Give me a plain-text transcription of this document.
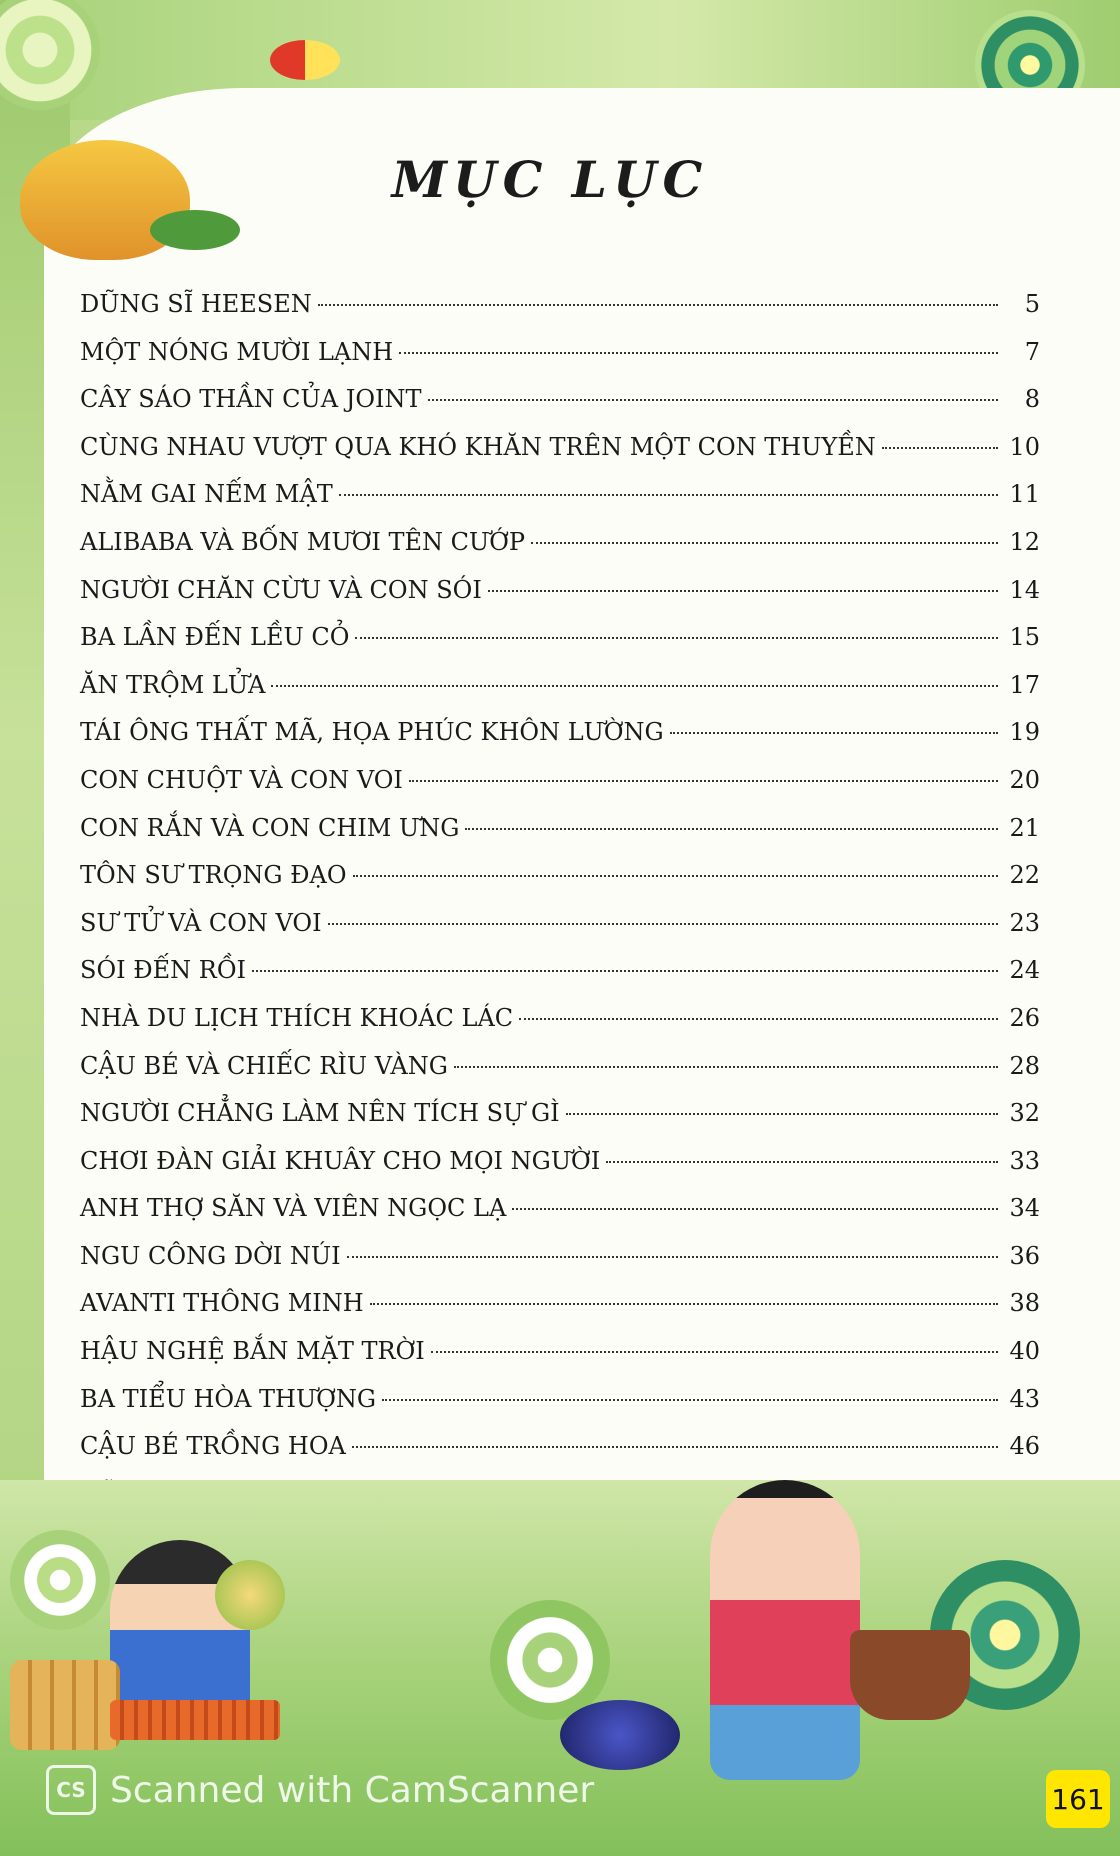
MỤC LỤC
DŨNG SĨ HEESEN	5
MỘT NÓNG MƯỜI LẠNH	7
CÂY SÁO THẦN CỦA JOINT	8
CÙNG NHAU VƯỢT QUA KHÓ KHĂN TRÊN MỘT CON THUYỀN	10
NẰM GAI NẾM MẬT	11
ALIBABA VÀ BỐN MƯƠI TÊN CƯỚP	12
NGƯỜI CHĂN CỪU VÀ CON SÓI	14
BA LẦN ĐẾN LỀU CỎ	15
ĂN TRỘM LỬA	17
TÁI ÔNG THẤT MÃ, HỌA PHÚC KHÔN LƯỜNG	19
CON CHUỘT VÀ CON VOI	20
CON RẮN VÀ CON CHIM ƯNG	21
TÔN SƯ TRỌNG ĐẠO	22
SƯ TỬ VÀ CON VOI	23
SÓI ĐẾN RỒI	24
NHÀ DU LỊCH THÍCH KHOÁC LÁC	26
CẬU BÉ VÀ CHIẾC RÌU VÀNG	28
NGƯỜI CHẲNG LÀM NÊN TÍCH SỰ GÌ	32
CHƠI ĐÀN GIẢI KHUÂY CHO MỌI NGƯỜI	33
ANH THỢ SĂN VÀ VIÊN NGỌC LẠ	34
NGU CÔNG DỜI NÚI	36
AVANTI THÔNG MINH	38
HẬU NGHỆ BẮN MẶT TRỜI	40
BA TIỂU HÒA THƯỢNG	43
CẬU BÉ TRỒNG HOA	46
CS Scanned with CamScanner	161
